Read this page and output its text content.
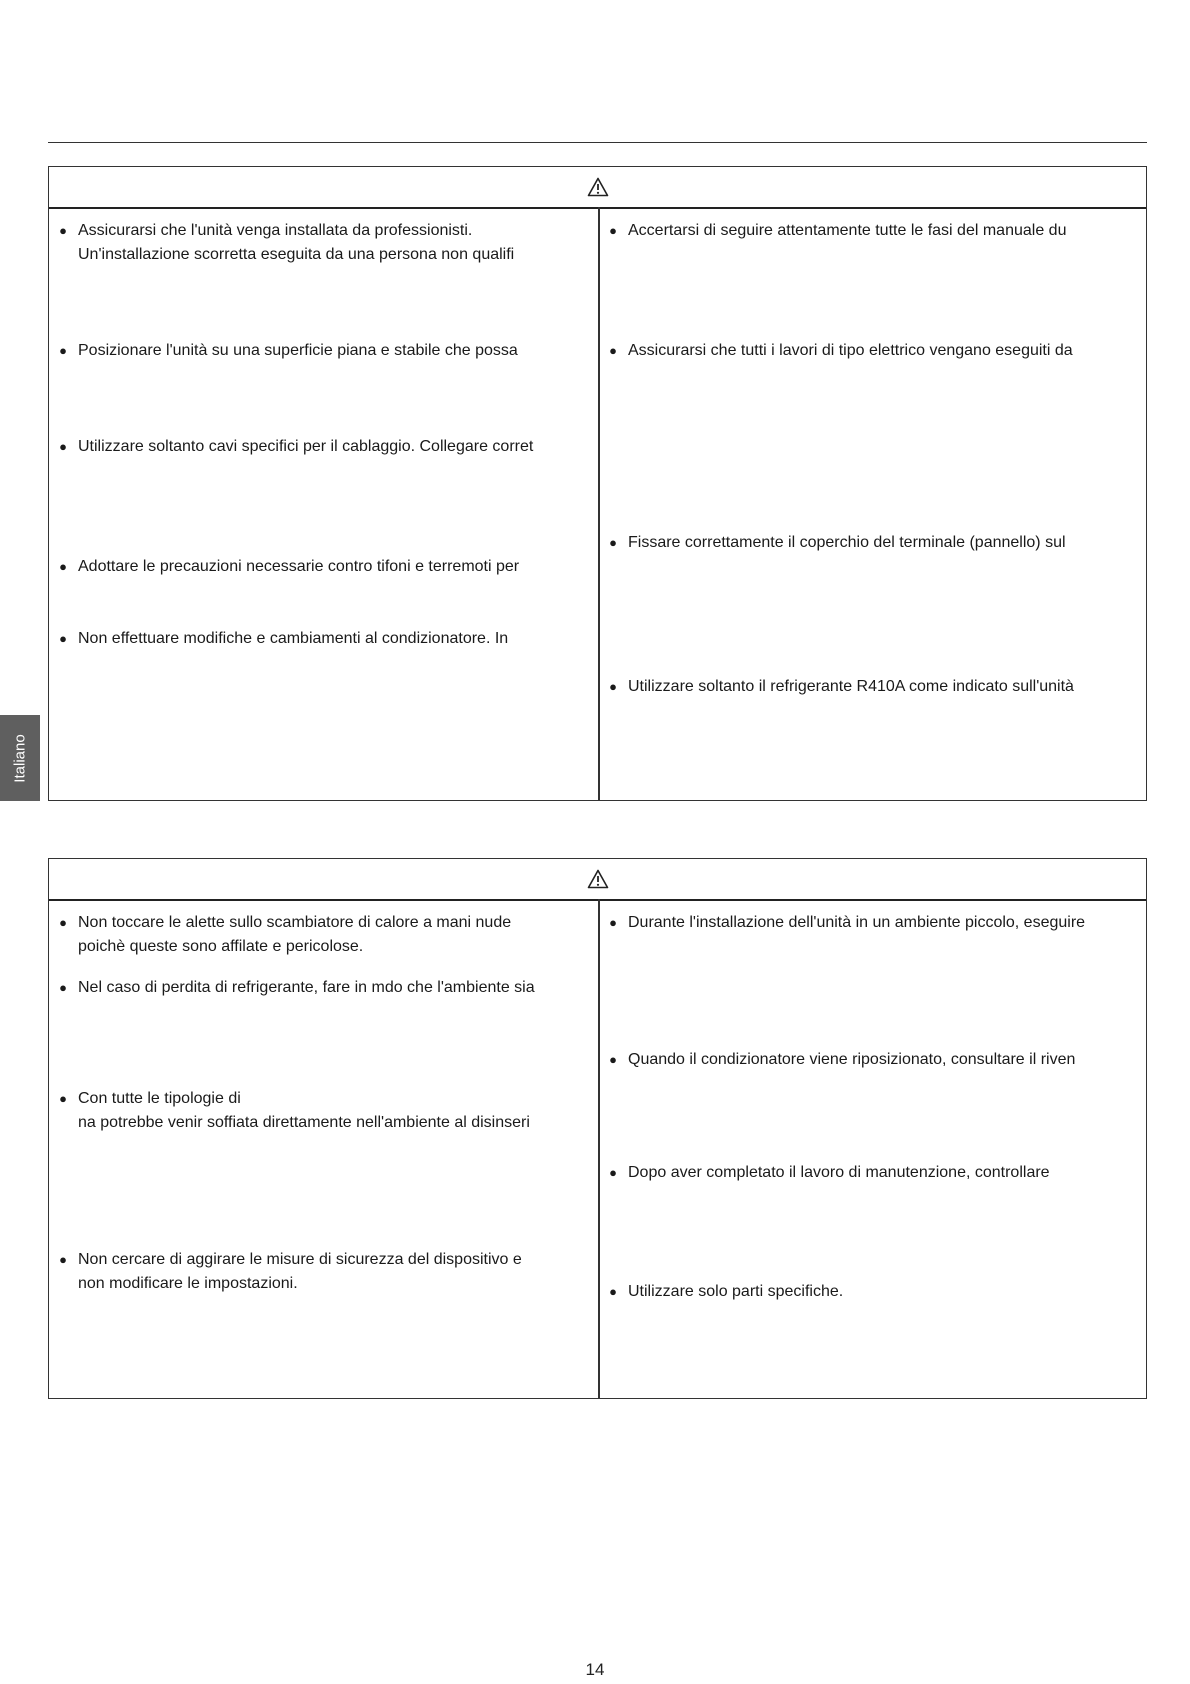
Italiano
● Assicurarsi che l'unità venga installata da professionisti.
Un'installazione scorretta eseguita da una persona non qualifi
● Posizionare l'unità su una superficie piana e stabile che possa
● Utilizzare soltanto cavi specifici per il cablaggio. Collegare corret
● Adottare le precauzioni necessarie contro tifoni e terremoti per
● Non effettuare modifiche e cambiamenti al condizionatore. In
● Accertarsi di seguire attentamente tutte le fasi del manuale du
● Assicurarsi che tutti i lavori di tipo elettrico vengano eseguiti da
● Fissare correttamente il coperchio del terminale (pannello) sul
● Utilizzare soltanto il refrigerante R410A come indicato sull'unità
● Non toccare le alette sullo scambiatore di calore a mani nude
poichè queste sono affilate e pericolose.
● Nel caso di perdita di refrigerante, fare in mdo che l'ambiente sia
● Con tutte le tipologie di
na potrebbe venir soffiata direttamente nell'ambiente al disinseri
● Non cercare di aggirare le misure di sicurezza del dispositivo e
non modificare le impostazioni.
● Durante l'installazione dell'unità in un ambiente piccolo, eseguire
● Quando il condizionatore viene riposizionato, consultare il riven
● Dopo aver completato il lavoro di manutenzione, controllare
● Utilizzare solo parti specifiche.
14
